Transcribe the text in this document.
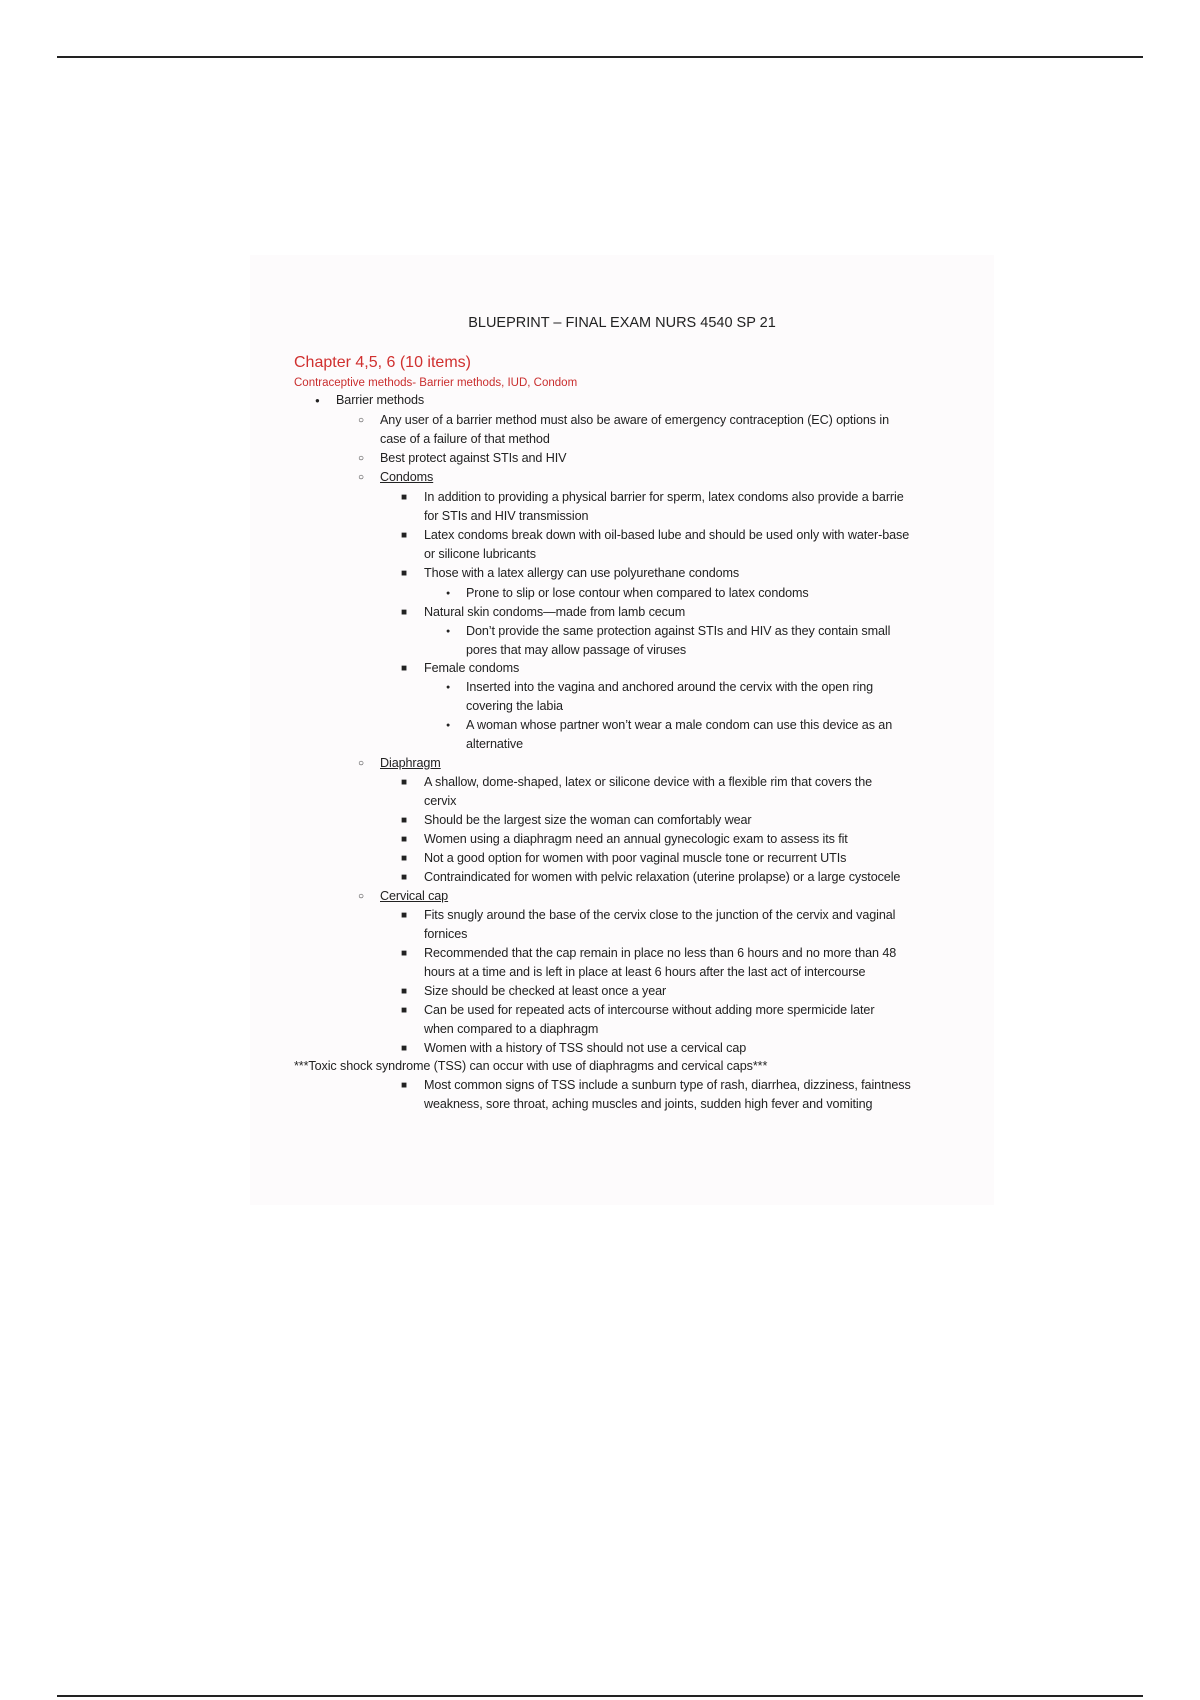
BLUEPRINT – FINAL EXAM NURS 4540 SP 21
Chapter 4,5, 6 (10 items)
Contraceptive methods- Barrier methods, IUD, Condom
● Barrier methods
○ Any user of a barrier method must also be aware of emergency contraception (EC) options in
case of a failure of that method
○ Best protect against STIs and HIV
○ Condoms
■ In addition to providing a physical barrier for sperm, latex condoms also provide a barrie
for STIs and HIV transmission
■ Latex condoms break down with oil-based lube and should be used only with water-base
or silicone lubricants
■ Those with a latex allergy can use polyurethane condoms
● Prone to slip or lose contour when compared to latex condoms
■ Natural skin condoms—made from lamb cecum
● Don’t provide the same protection against STIs and HIV as they contain small
pores that may allow passage of viruses
■ Female condoms
● Inserted into the vagina and anchored around the cervix with the open ring
covering the labia
● A woman whose partner won’t wear a male condom can use this device as an
alternative
○ Diaphragm
■ A shallow, dome-shaped, latex or silicone device with a flexible rim that covers the
cervix
■ Should be the largest size the woman can comfortably wear
■ Women using a diaphragm need an annual gynecologic exam to assess its fit
■ Not a good option for women with poor vaginal muscle tone or recurrent UTIs
■ Contraindicated for women with pelvic relaxation (uterine prolapse) or a large cystocele
○ Cervical cap
■ Fits snugly around the base of the cervix close to the junction of the cervix and vaginal
fornices
■ Recommended that the cap remain in place no less than 6 hours and no more than 48
hours at a time and is left in place at least 6 hours after the last act of intercourse
■ Size should be checked at least once a year
■ Can be used for repeated acts of intercourse without adding more spermicide later
when compared to a diaphragm
■ Women with a history of TSS should not use a cervical cap
***Toxic shock syndrome (TSS) can occur with use of diaphragms and cervical caps***
■ Most common signs of TSS include a sunburn type of rash, diarrhea, dizziness, faintness
weakness, sore throat, aching muscles and joints, sudden high fever and vomiting
